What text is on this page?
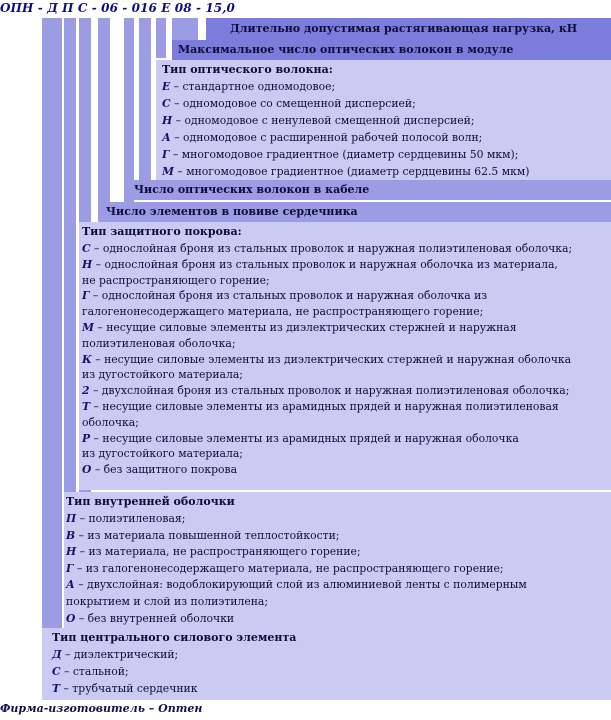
ОПН - Д П С - 06 - 016 Е 08 - 15,0
Длительно допустимая растягивающая нагрузка, кН
Максимальное число оптических волокон в модуле
Тип оптического волокна:
Е – стандартное одномодовое;
С – одномодовое со смещенной дисперсией;
Н – одномодовое с ненулевой смещенной дисперсией;
А – одномодовое с расширенной рабочей полосой волн;
Г – многомодовое градиентное (диаметр сердцевины 50 мкм);
М – многомодовое градиентное (диаметр сердцевины 62.5 мкм)
Число оптических волокон в кабеле
Число элементов в повиве сердечника
Тип защитного покрова:
С – однослойная броня из стальных проволок и наружная полиэтиленовая оболочка;
Н – однослойная броня из стальных проволок и наружная оболочка из материала,
не распространяющего горение;
Г – однослойная броня из стальных проволок и наружная оболочка из
галогенонесодержащего материала, не распространяющего горение;
М – несущие силовые элементы из диэлектрических стержней и наружная
полиэтиленовая оболочка;
К – несущие силовые элементы из диэлектрических стержней и наружная оболочка
из дугостойкого материала;
2 – двухслойная броня из стальных проволок и наружная полиэтиленовая оболочка;
Т – несущие силовые элементы из арамидных прядей и наружная полиэтиленовая
оболочка;
Р – несущие силовые элементы из арамидных прядей и наружная оболочка
из дугостойкого материала;
О – без защитного покрова
Тип внутренней оболочки
П – полиэтиленовая;
В – из материала повышенной теплостойкости;
Н – из материала, не распространяющего горение;
Г – из галогенонесодержащего материала, не распространяющего горение;
А – двухслойная: водоблокирующий слой из алюминиевой ленты с полимерным
покрытием и слой из полиэтилена;
О – без внутренней оболочки
Тип центрального силового элемента
Д – диэлектрический;
С – стальной;
Т – трубчатый сердечник
Фирма-изготовитель – Оптен
